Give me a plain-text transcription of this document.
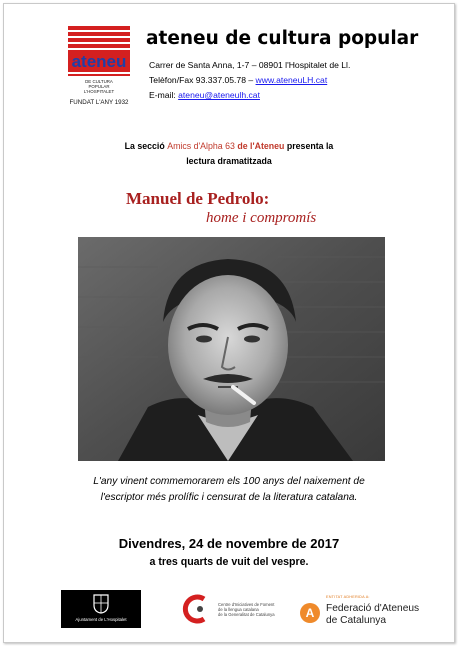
ateneu
DE CULTURA
POPULAR
L'HOSPITALET
FUNDAT L'ANY 1932
ateneu de cultura popular
Carrer de Santa Anna, 1-7 – 08901 l'Hospitalet de Ll.
Telèfon/Fax 93.337.05.78 – www.ateneuLH.cat
E-mail: ateneu@ateneulh.cat
La secció Amics d'Alpha 63 de l'Ateneu presenta la
lectura dramatitzada
Manuel de Pedrolo:
home i compromís
L'any vinent commemorarem els 100 anys del naixement de
l'escriptor més prolífic i censurat de la literatura catalana.
Divendres, 24 de novembre de 2017
a tres quarts de vuit del vespre.
Ajuntament de L'Hospitalet
Centre d'Iniciatives de Foment
de la llengua catalana
de la Generalitat de Catalunya	A
ENTITAT ADHERIDA A:
Federació d'Ateneus
de Catalunya
